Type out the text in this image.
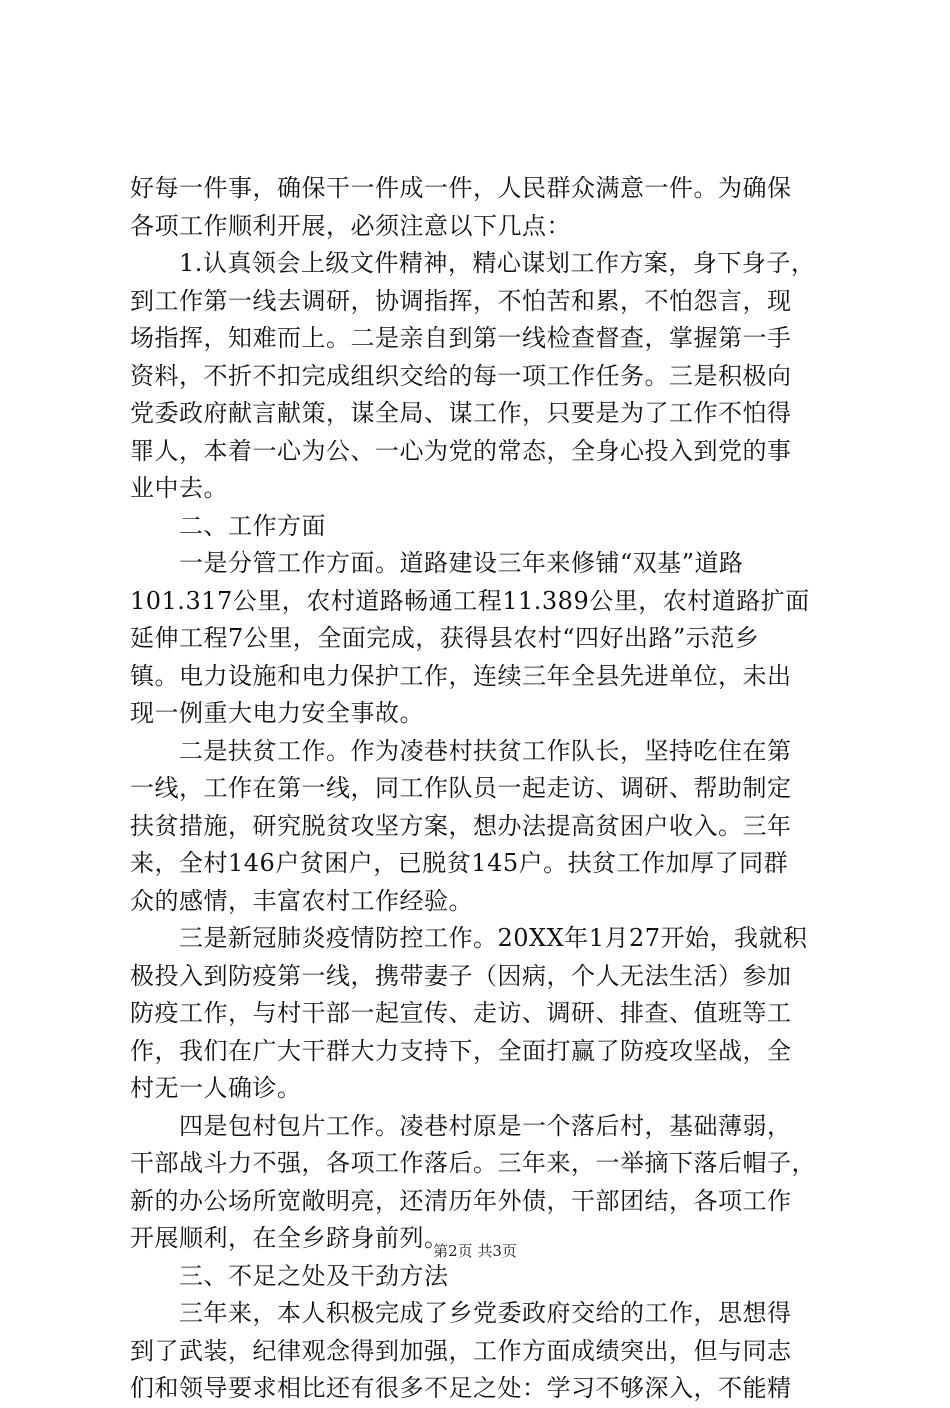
好每一件事，确保干一件成一件，人民群众满意一件。为确保
各项工作顺利开展，必须注意以下几点：
　　1.认真领会上级文件精神，精心谋划工作方案，身下身子，
到工作第一线去调研，协调指挥，不怕苦和累，不怕怨言，现
场指挥，知难而上。二是亲自到第一线检查督查，掌握第一手
资料，不折不扣完成组织交给的每一项工作任务。三是积极向
党委政府献言献策，谋全局、谋工作，只要是为了工作不怕得
罪人，本着一心为公、一心为党的常态，全身心投入到党的事
业中去。
　　二、工作方面
　　一是分管工作方面。道路建设三年来修铺“双基”道路
101.317公里，农村道路畅通工程11.389公里，农村道路扩面
延伸工程7公里，全面完成，获得县农村“四好出路”示范乡
镇。电力设施和电力保护工作，连续三年全县先进单位，未出
现一例重大电力安全事故。
　　二是扶贫工作。作为凌巷村扶贫工作队长，坚持吃住在第
一线，工作在第一线，同工作队员一起走访、调研、帮助制定
扶贫措施，研究脱贫攻坚方案，想办法提高贫困户收入。三年
来，全村146户贫困户，已脱贫145户。扶贫工作加厚了同群
众的感情，丰富农村工作经验。
　　三是新冠肺炎疫情防控工作。20XX年1月27开始，我就积
极投入到防疫第一线，携带妻子（因病，个人无法生活）参加
防疫工作，与村干部一起宣传、走访、调研、排查、值班等工
作，我们在广大干群大力支持下，全面打赢了防疫攻坚战，全
村无一人确诊。
　　四是包村包片工作。凌巷村原是一个落后村，基础薄弱，
干部战斗力不强，各项工作落后。三年来，一举摘下落后帽子，
新的办公场所宽敞明亮，还清历年外债，干部团结，各项工作
开展顺利，在全乡跻身前列。
　　三、不足之处及干劲方法
　　三年来，本人积极完成了乡党委政府交给的工作，思想得
到了武装，纪律观念得到加强，工作方面成绩突出，但与同志
们和领导要求相比还有很多不足之处：学习不够深入，不能精
第2页 共3页
